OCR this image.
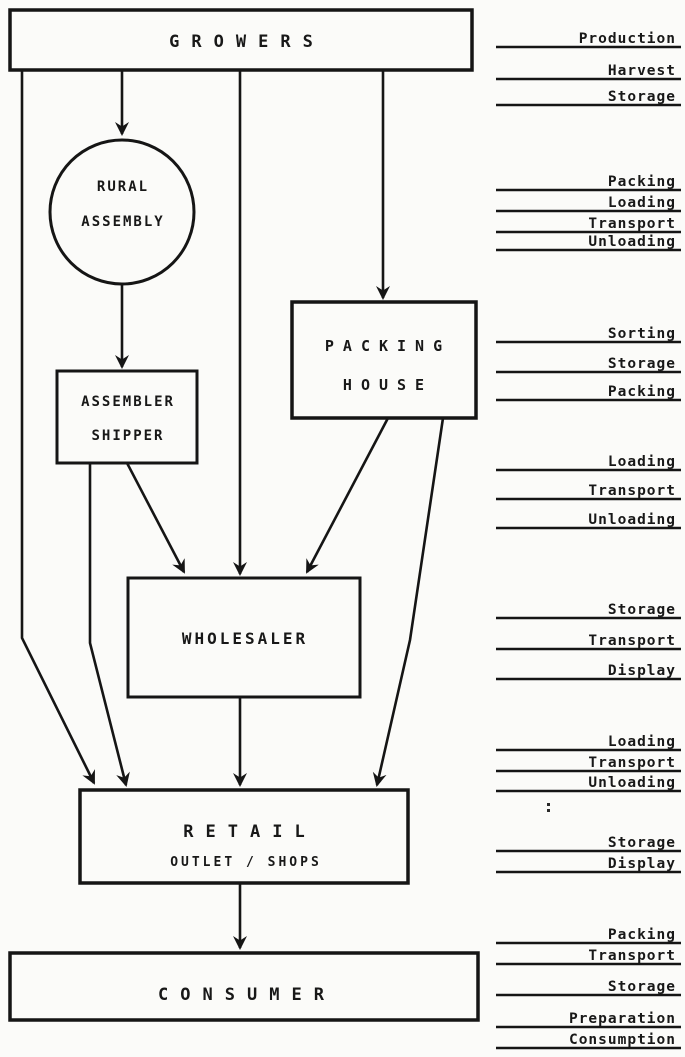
GROWERS
RURAL
ASSEMBLY
ASSEMBLER
SHIPPER
PACKING
HOUSE
WHOLESALER
RETAIL
OUTLET / SHOPS
CONSUMER
Production
Harvest
Storage
Packing
Loading
Transport
Unloading
Sorting
Storage
Packing
Loading
Transport
Unloading
Storage
Transport
Display
Loading
Transport
Unloading
Storage
Display
Packing
Transport
Storage
Preparation
Consumption
